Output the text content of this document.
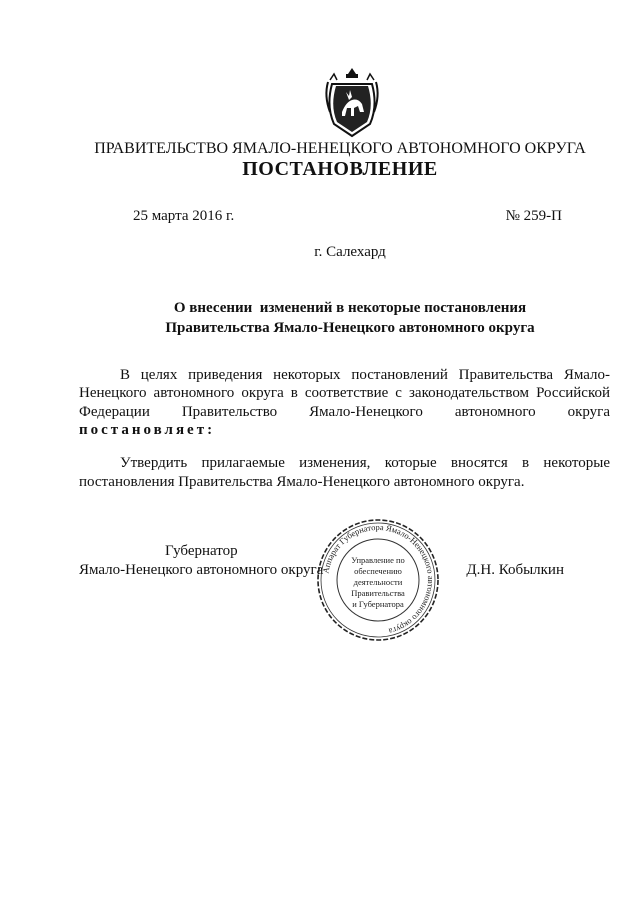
ПРАВИТЕЛЬСТВО ЯМАЛО-НЕНЕЦКОГО АВТОНОМНОГО ОКРУГА
ПОСТАНОВЛЕНИЕ
25 марта 2016 г.	№ 259-П
г. Салехард
О внесении  изменений в некоторые постановления
Правительства Ямало-Ненецкого автономного округа
В целях приведения некоторых постановлений Правительства Ямало-Ненецкого автономного округа в соответствие с законодательством Российской Федерации Правительство Ямало-Ненецкого автономного округа постановляет:
Утвердить прилагаемые изменения, которые вносятся в некоторые постановления Правительства Ямало-Ненецкого автономного округа.
Губернатор
Ямало-Ненецкого автономного округа	Д.Н. Кобылкин
Аппарат Губернатора Ямало-Ненецкого автономного округа
Управление по
обеспечению
деятельности
Правительства
и Губернатора
